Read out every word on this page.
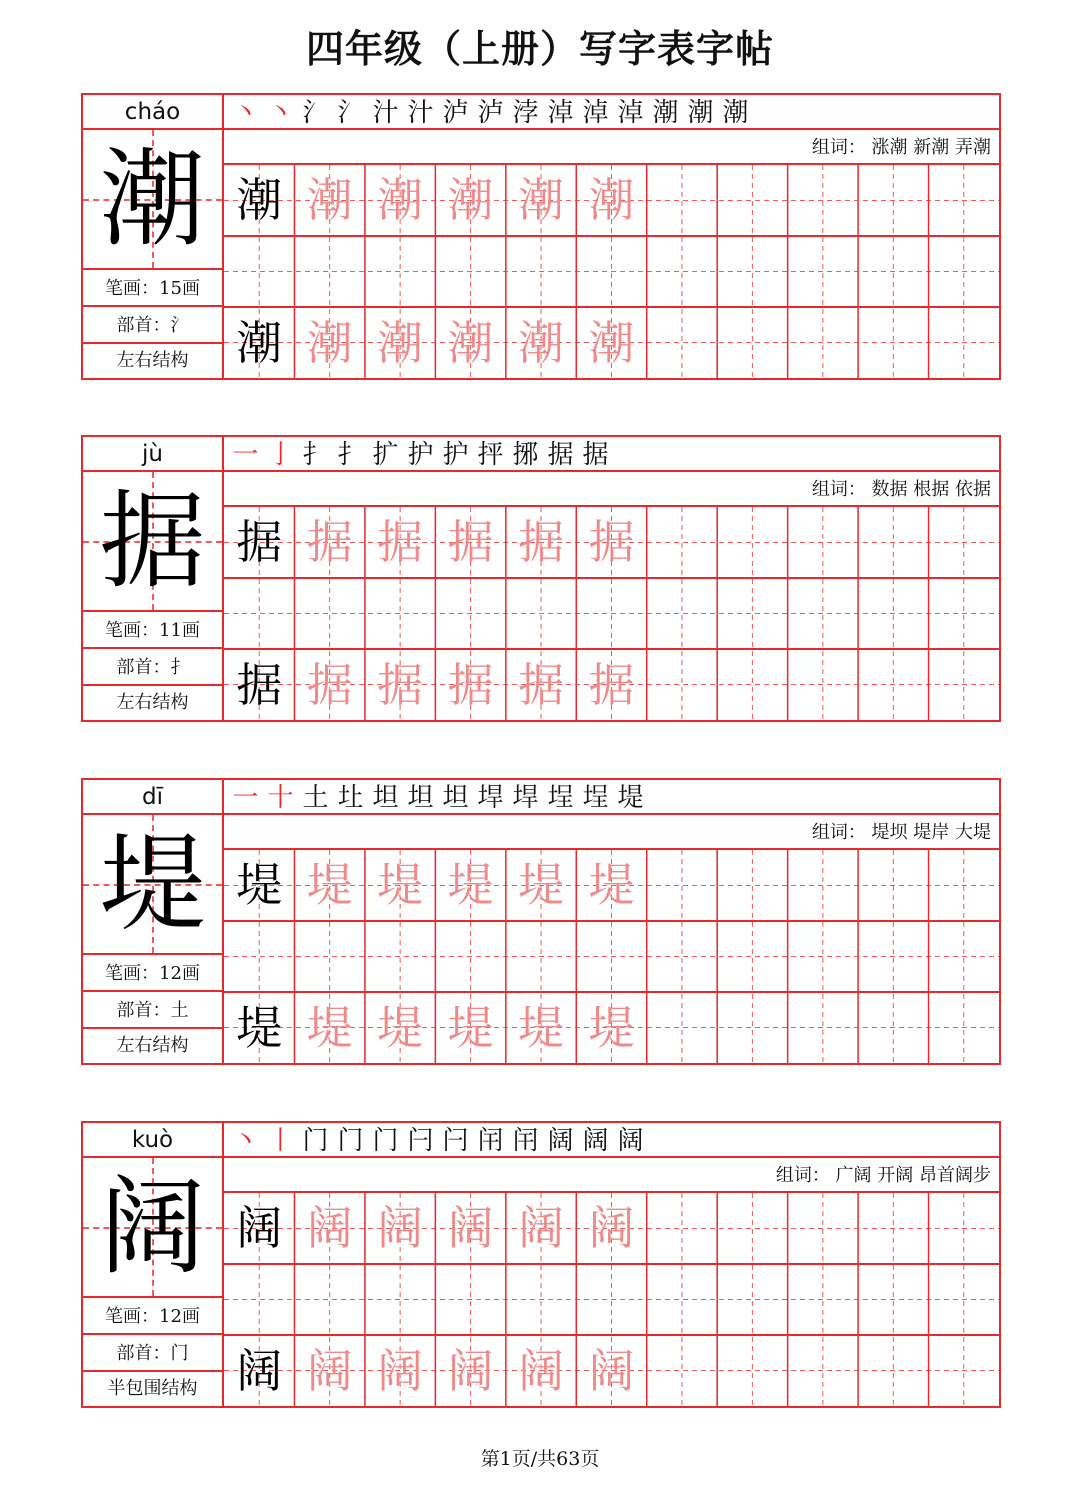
四年级（上册）写字表字帖
cháo
潮
笔画：15画
部首：氵
左右结构
丶 丶 氵 氵 汁 汁 泸 泸 浡 淖 淖 淖 潮 潮 潮
组词： 涨潮 新潮 弄潮
潮 潮 潮 潮 潮 潮
潮 潮 潮 潮 潮 潮
jù
据
笔画：11画
部首：扌
左右结构
一 亅 扌 扌 扩 护 护 抨 捓 据 据
组词： 数据 根据 依据
据 据 据 据 据 据
据 据 据 据 据 据
dī
堤
笔画：12画
部首：土
左右结构
一 十 土 圵 坦 坦 坦 垾 垾 埕 埕 堤
组词： 堤坝 堤岸 大堤
堤 堤 堤 堤 堤 堤
堤 堤 堤 堤 堤 堤
kuò
阔
笔画：12画
部首：门
半包围结构
丶 丨 门 门 门 闩 闩 闬 闬 阔 阔 阔
组词： 广阔 开阔 昂首阔步
阔 阔 阔 阔 阔 阔
阔 阔 阔 阔 阔 阔
第1页/共63页
